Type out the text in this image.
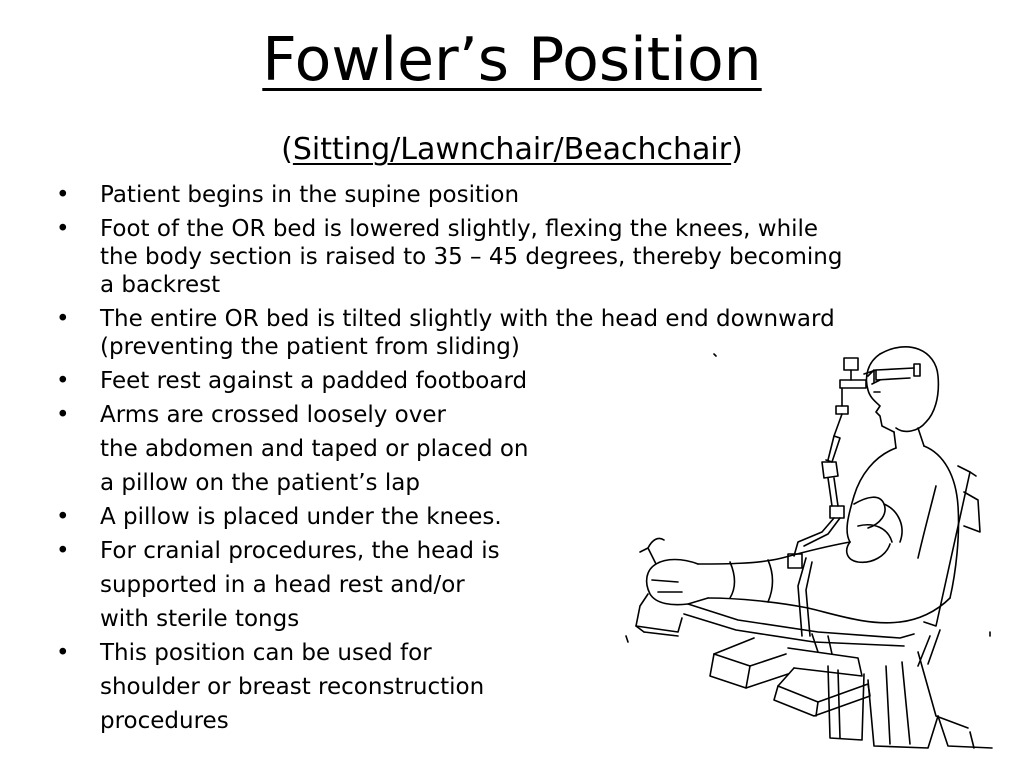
Fowler’s Position
(Sitting/Lawnchair/Beachchair)
•	Patient begins in the supine position
•	Foot of the OR bed is lowered slightly, flexing the knees, while
the body section is raised to 35 – 45 degrees, thereby becoming
a backrest
•	The entire OR bed is tilted slightly with the head end downward
(preventing the patient from sliding)
•	Feet rest against a padded footboard
•	Arms are crossed loosely over
the abdomen and taped or placed on
a pillow on the patient’s lap
•	A pillow is placed under the knees.
•	For cranial procedures, the head is
supported in a head rest and/or
with sterile tongs
•	This position can be used for
shoulder or breast reconstruction
procedures
